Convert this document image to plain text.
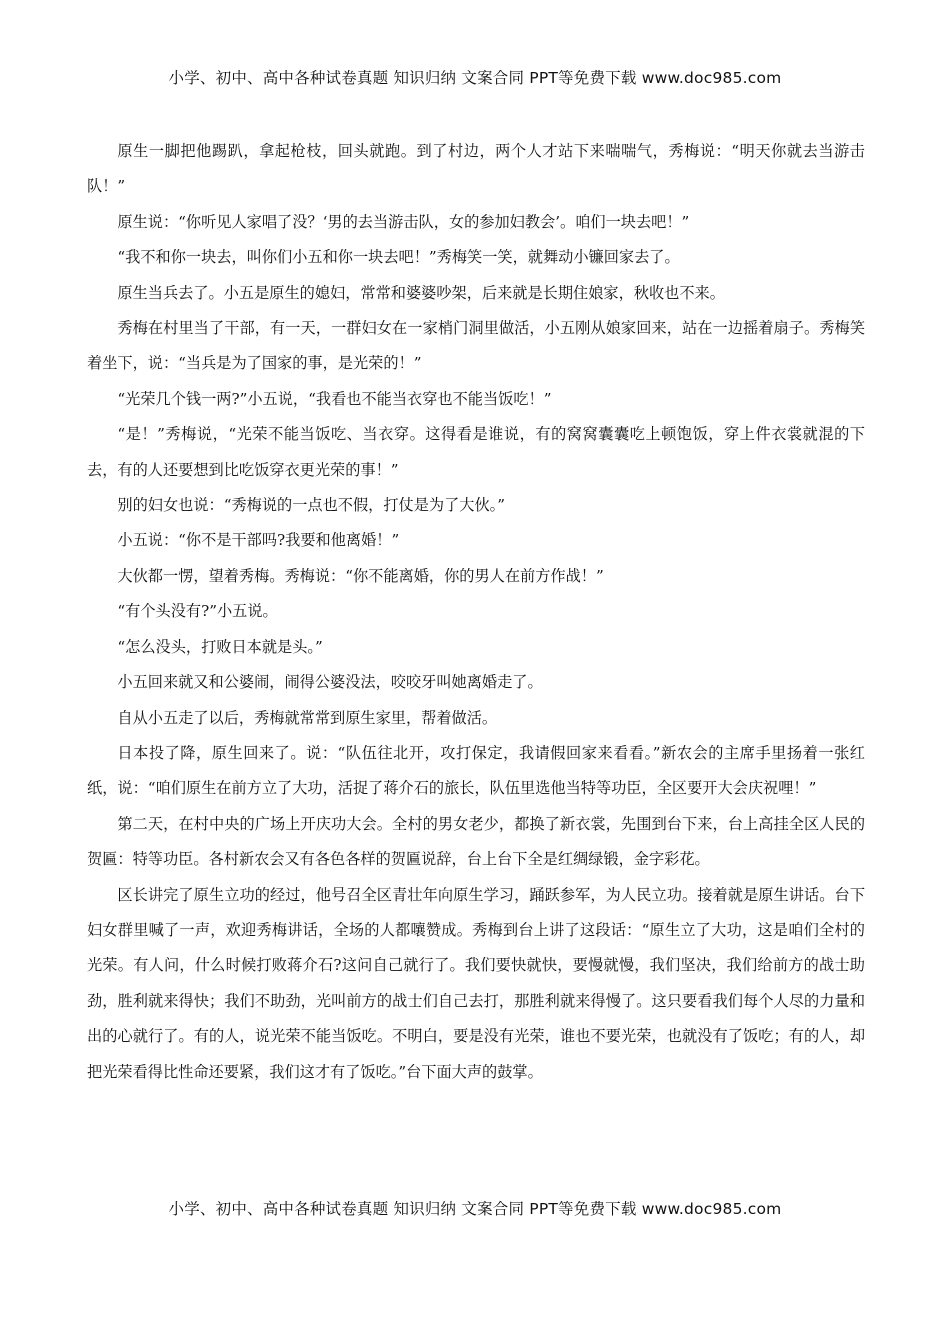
小学、初中、高中各种试卷真题 知识归纳 文案合同 PPT等免费下载 www.doc985.com

原生一脚把他踢趴，拿起枪枝，回头就跑。到了村边，两个人才站下来喘喘气，秀梅说：“明天你就去当游击队！”

原生说：“你听见人家唱了没？‘男的去当游击队，女的参加妇教会’。咱们一块去吧！”

“我不和你一块去，叫你们小五和你一块去吧！”秀梅笑一笑，就舞动小镰回家去了。

原生当兵去了。小五是原生的媳妇，常常和婆婆吵架，后来就是长期住娘家，秋收也不来。

秀梅在村里当了干部，有一天，一群妇女在一家梢门洞里做活，小五刚从娘家回来，站在一边摇着扇子。秀梅笑着坐下，说：“当兵是为了国家的事，是光荣的！”

“光荣几个钱一两?”小五说，“我看也不能当衣穿也不能当饭吃！”

“是！”秀梅说，“光荣不能当饭吃、当衣穿。这得看是谁说，有的窝窝囊囊吃上顿饱饭，穿上件衣裳就混的下去，有的人还要想到比吃饭穿衣更光荣的事！”

别的妇女也说：“秀梅说的一点也不假，打仗是为了大伙。”

小五说：“你不是干部吗?我要和他离婚！”

大伙都一愣，望着秀梅。秀梅说：“你不能离婚，你的男人在前方作战！”

“有个头没有?”小五说。

“怎么没头，打败日本就是头。”

小五回来就又和公婆闹，闹得公婆没法，咬咬牙叫她离婚走了。

自从小五走了以后，秀梅就常常到原生家里，帮着做活。

日本投了降，原生回来了。说：“队伍往北开，攻打保定，我请假回家来看看。”新农会的主席手里扬着一张红纸，说：“咱们原生在前方立了大功，活捉了蒋介石的旅长，队伍里选他当特等功臣，全区要开大会庆祝哩！”

第二天，在村中央的广场上开庆功大会。全村的男女老少，都换了新衣裳，先围到台下来，台上高挂全区人民的贺匾：特等功臣。各村新农会又有各色各样的贺匾说辞，台上台下全是红绸绿锻，金字彩花。

区长讲完了原生立功的经过，他号召全区青壮年向原生学习，踊跃参军，为人民立功。接着就是原生讲话。台下妇女群里喊了一声，欢迎秀梅讲话，全场的人都嚷赞成。秀梅到台上讲了这段话：“原生立了大功，这是咱们全村的光荣。有人问，什么时候打败蒋介石?这问自己就行了。我们要快就快，要慢就慢，我们坚决，我们给前方的战士助劲，胜利就来得快；我们不助劲，光叫前方的战士们自己去打，那胜利就来得慢了。这只要看我们每个人尽的力量和出的心就行了。有的人，说光荣不能当饭吃。不明白，要是没有光荣，谁也不要光荣，也就没有了饭吃；有的人，却把光荣看得比性命还要紧，我们这才有了饭吃。”台下面大声的鼓掌。

小学、初中、高中各种试卷真题 知识归纳 文案合同 PPT等免费下载 www.doc985.com
